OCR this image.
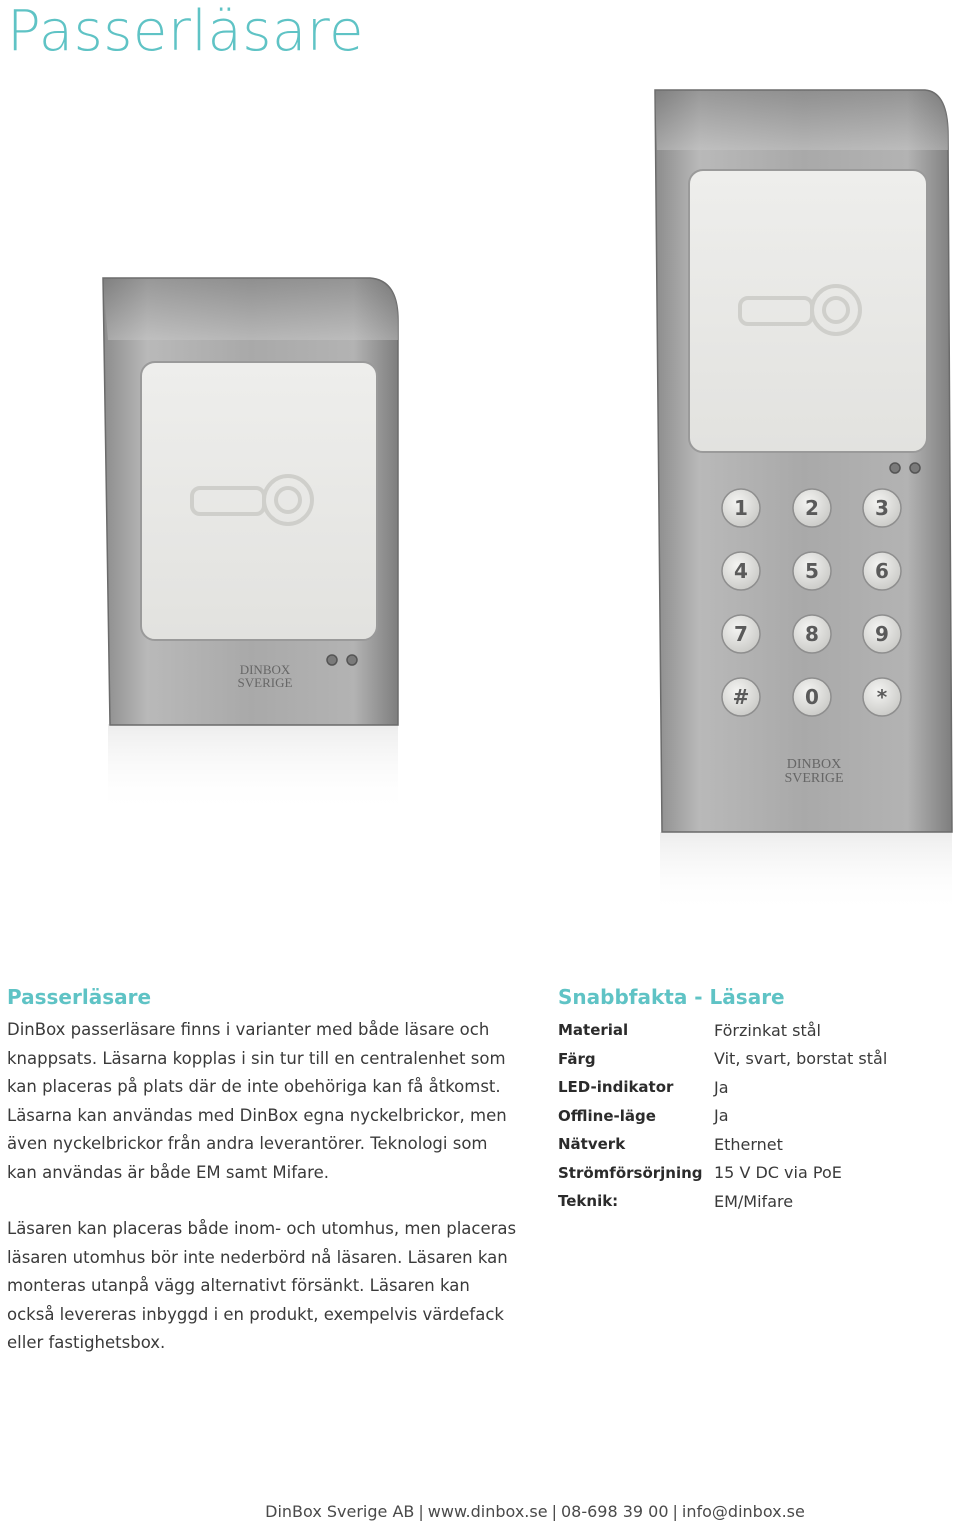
Passerläsare
DINBOX
SVERIGE
1	2	3
4	5	6
7	8	9
#	0	*
DINBOX
SVERIGE
Passerläsare

DinBox passerläsare finns i varianter med både läsare och knappsats. Läsarna kopplas i sin tur till en centralenhet som kan placeras på plats där de inte obehöriga kan få åtkomst. Läsarna kan användas med DinBox egna nyckelbrickor, men även nyckelbrickor från andra leverantörer. Teknologi som kan användas är både EM samt Mifare.

Läsaren kan placeras både inom- och utomhus, men placeras läsaren utomhus bör inte nederbörd nå läsaren. Läsaren kan monteras utanpå vägg alternativt försänkt. Läsaren kan också levereras inbyggd i en produkt, exempelvis värdefack eller fastighetsbox.

Snabbfakta - Läsare
Material	Förzinkat stål
Färg	Vit, svart, borstat stål
LED-indikator	Ja
Offline-läge	Ja
Nätverk	Ethernet
Strömförsörjning	15 V DC via PoE
Teknik:	EM/Mifare
DinBox Sverige AB | www.dinbox.se | 08-698 39 00 | info@dinbox.se
